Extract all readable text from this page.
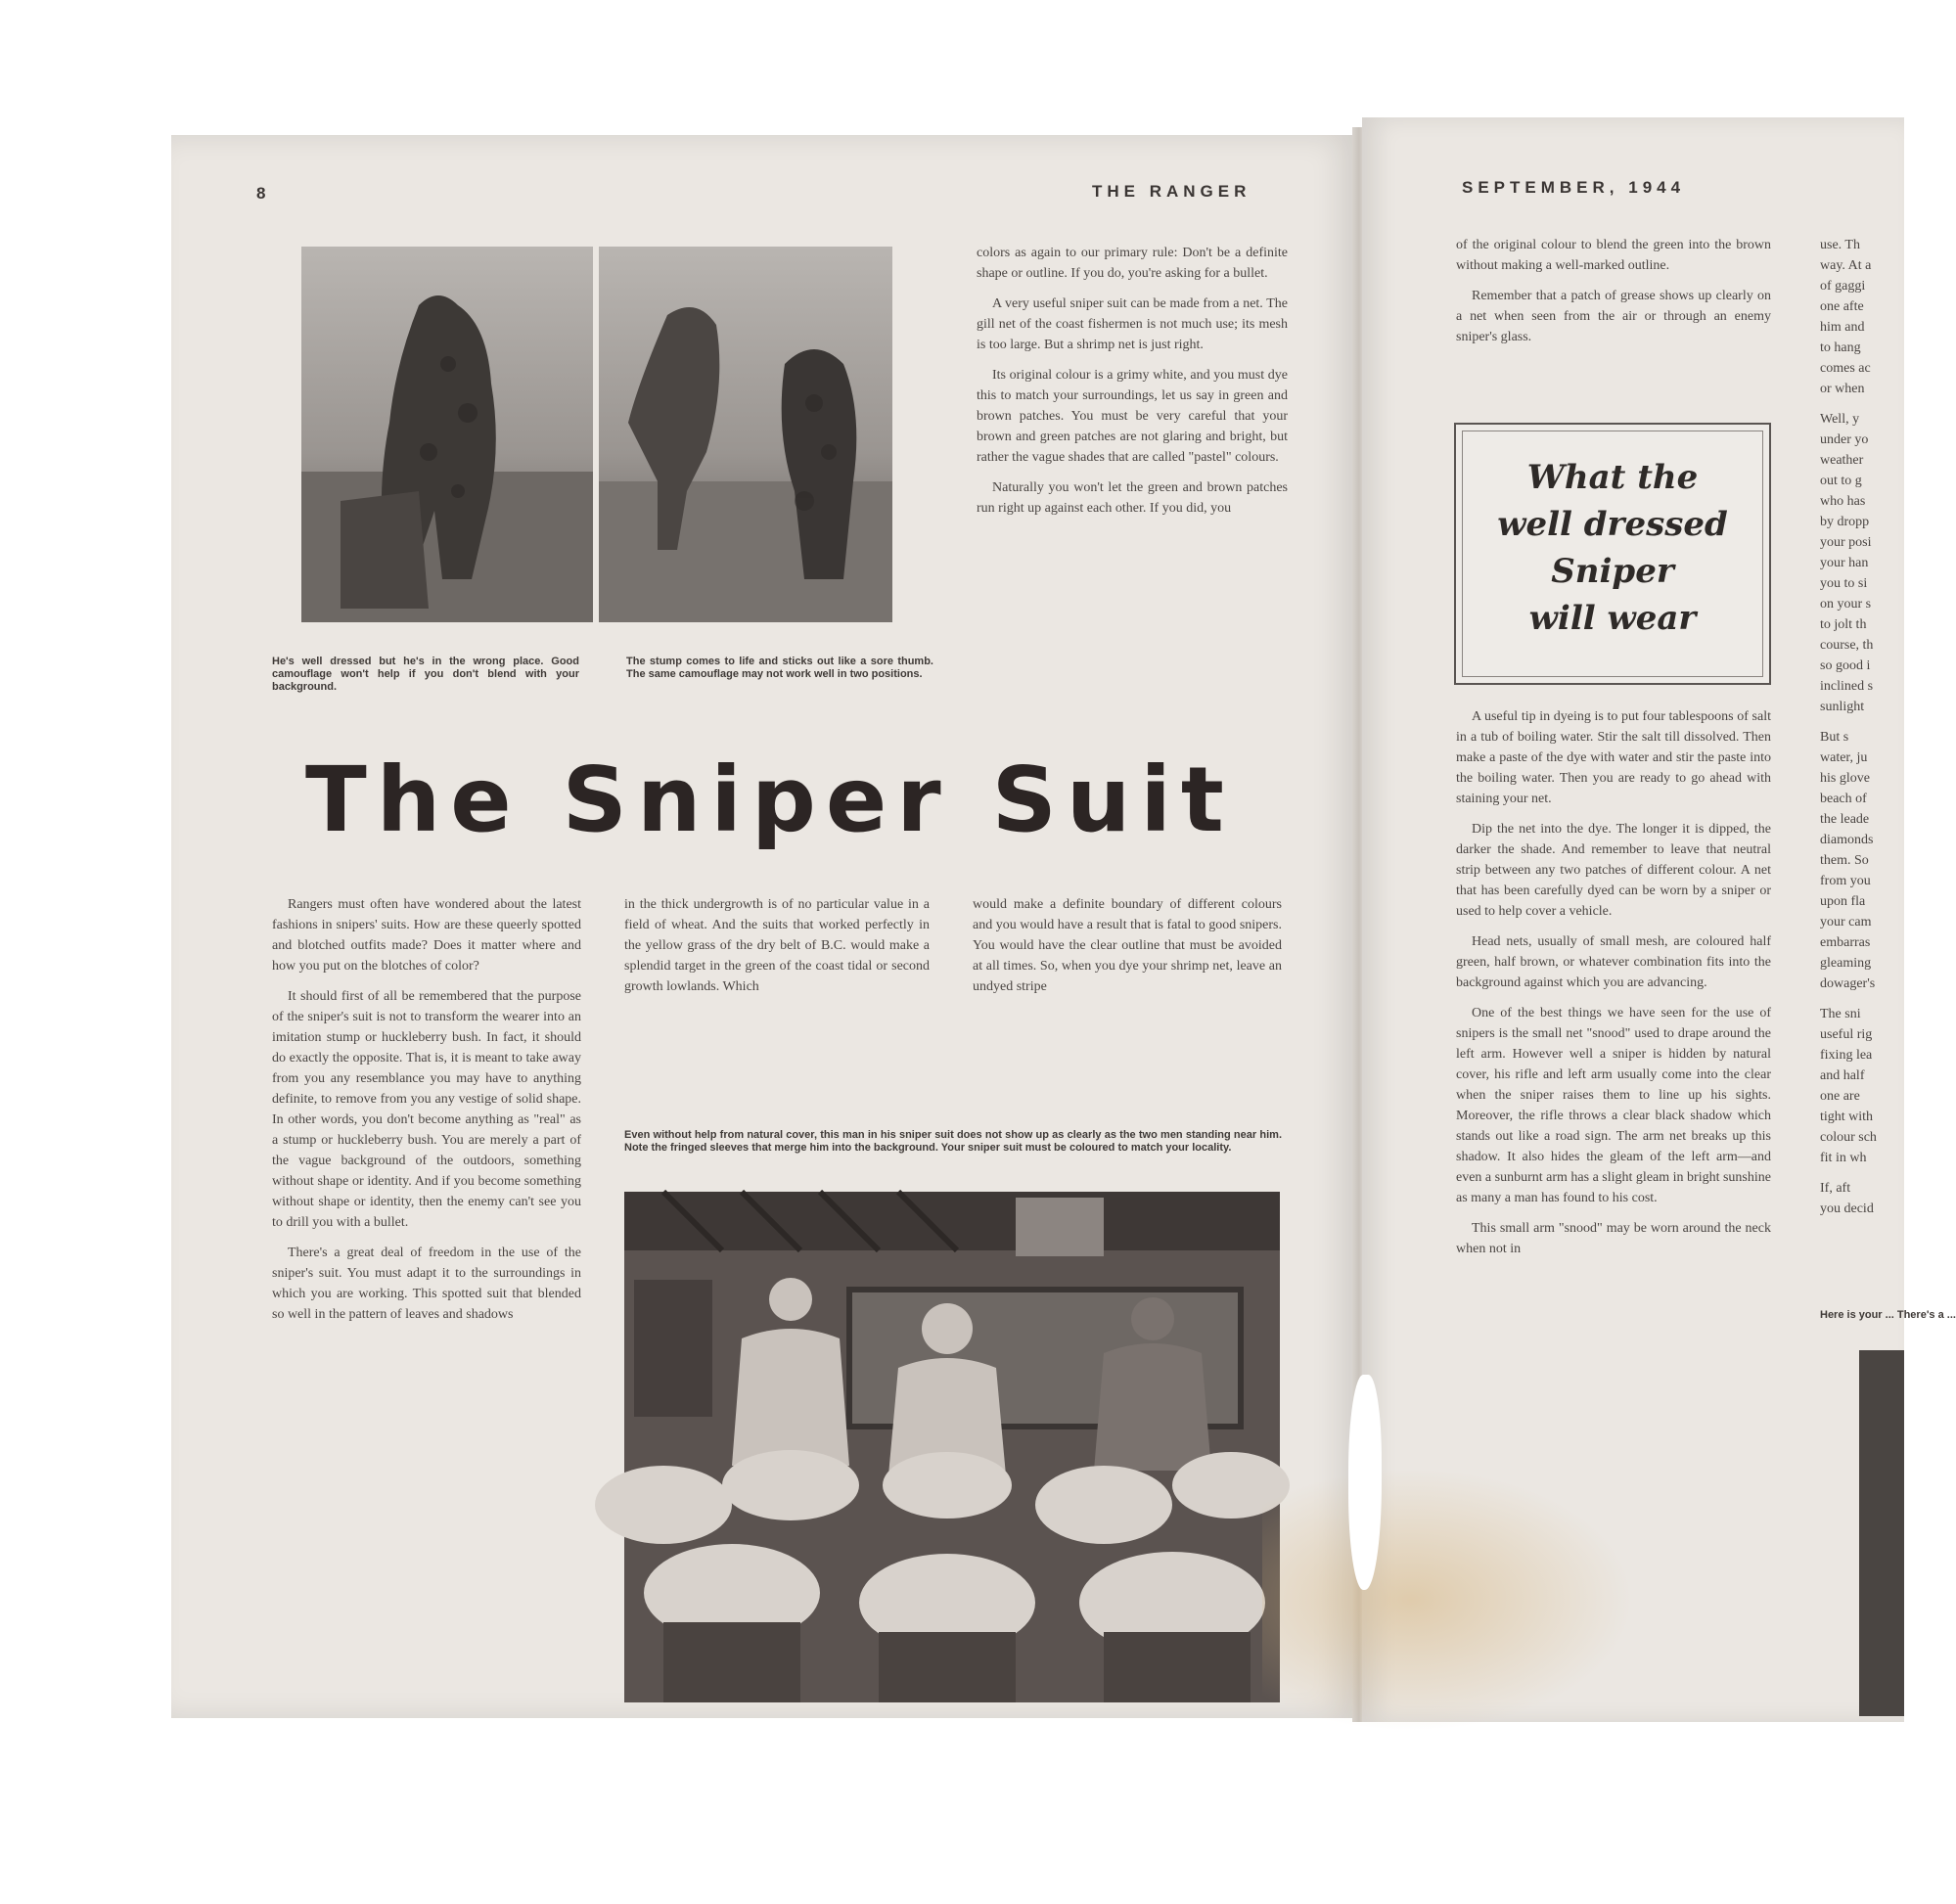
8	THE RANGER	SEPTEMBER, 1944
He's well dressed but he's in the wrong place. Good camouflage won't help if you don't blend with your background.
The stump comes to life and sticks out like a sore thumb. The same camouflage may not work well in two positions.

colors as again to our primary rule: Don't be a definite shape or outline. If you do, you're asking for a bullet.

A very useful sniper suit can be made from a net. The gill net of the coast fishermen is not much use; its mesh is too large. But a shrimp net is just right.

Its original colour is a grimy white, and you must dye this to match your surroundings, let us say in green and brown patches. You must be very careful that your brown and green patches are not glaring and bright, but rather the vague shades that are called "pastel" colours.

Naturally you won't let the green and brown patches run right up against each other. If you did, you

The Sniper Suit

Rangers must often have wondered about the latest fashions in snipers' suits. How are these queerly spotted and blotched outfits made? Does it matter where and how you put on the blotches of color?

It should first of all be remembered that the purpose of the sniper's suit is not to transform the wearer into an imitation stump or huckleberry bush. In fact, it should do exactly the opposite. That is, it is meant to take away from you any resemblance you may have to anything definite, to remove from you any vestige of solid shape. In other words, you don't become anything as "real" as a stump or huckleberry bush. You are merely a part of the vague background of the outdoors, something without shape or identity. And if you become something without shape or identity, then the enemy can't see you to drill you with a bullet.

There's a great deal of freedom in the use of the sniper's suit. You must adapt it to the surroundings in which you are working. This spotted suit that blended so well in the pattern of leaves and shadows

in the thick undergrowth is of no particular value in a field of wheat. And the suits that worked perfectly in the yellow grass of the dry belt of B.C. would make a splendid target in the green of the coast tidal or second growth lowlands. Which

would make a definite boundary of different colours and you would have a result that is fatal to good snipers. You would have the clear outline that must be avoided at all times. So, when you dye your shrimp net, leave an undyed stripe

Even without help from natural cover, this man in his sniper suit does not show up as clearly as the two men standing near him. Note the fringed sleeves that merge him into the background. Your sniper suit must be coloured to match your locality.

of the original colour to blend the green into the brown without making a well-marked outline.

Remember that a patch of grease shows up clearly on a net when seen from the air or through an enemy sniper's glass.

What the
well dressed
Sniper
will wear

A useful tip in dyeing is to put four tablespoons of salt in a tub of boiling water. Stir the salt till dissolved. Then make a paste of the dye with water and stir the paste into the boiling water. Then you are ready to go ahead with staining your net.

Dip the net into the dye. The longer it is dipped, the darker the shade. And remember to leave that neutral strip between any two patches of different colour. A net that has been carefully dyed can be worn by a sniper or used to help cover a vehicle.

Head nets, usually of small mesh, are coloured half green, half brown, or whatever combination fits into the background against which you are advancing.

One of the best things we have seen for the use of snipers is the small net "snood" used to drape around the left arm. However well a sniper is hidden by natural cover, his rifle and left arm usually come into the clear when the sniper raises them to line up his sights. Moreover, the rifle throws a clear black shadow which stands out like a road sign. The arm net breaks up this shadow. It also hides the gleam of the left arm—and even a sunburnt arm has a slight gleam in bright sunshine as many a man has found to his cost.

This small arm "snood" may be worn around the neck when not in

use. Th
way. At a
of gaggi
one afte
him and
to hang
comes ac
or when
Well, y
under yo
weather
out to g
who has
by dropp
your posi
your han
you to si
on your s
to jolt th
course, th
so good i
inclined s
sunlight
But s
water, ju
his glove
beach of
the leade
diamonds
them. So
from you
upon fla
your cam
embarras
gleaming
dowager's
The sni
useful rig
fixing lea
and half
one are
tight with
colour sch
fit in wh
If, aft
you decid
Here is your ... There's a ...
